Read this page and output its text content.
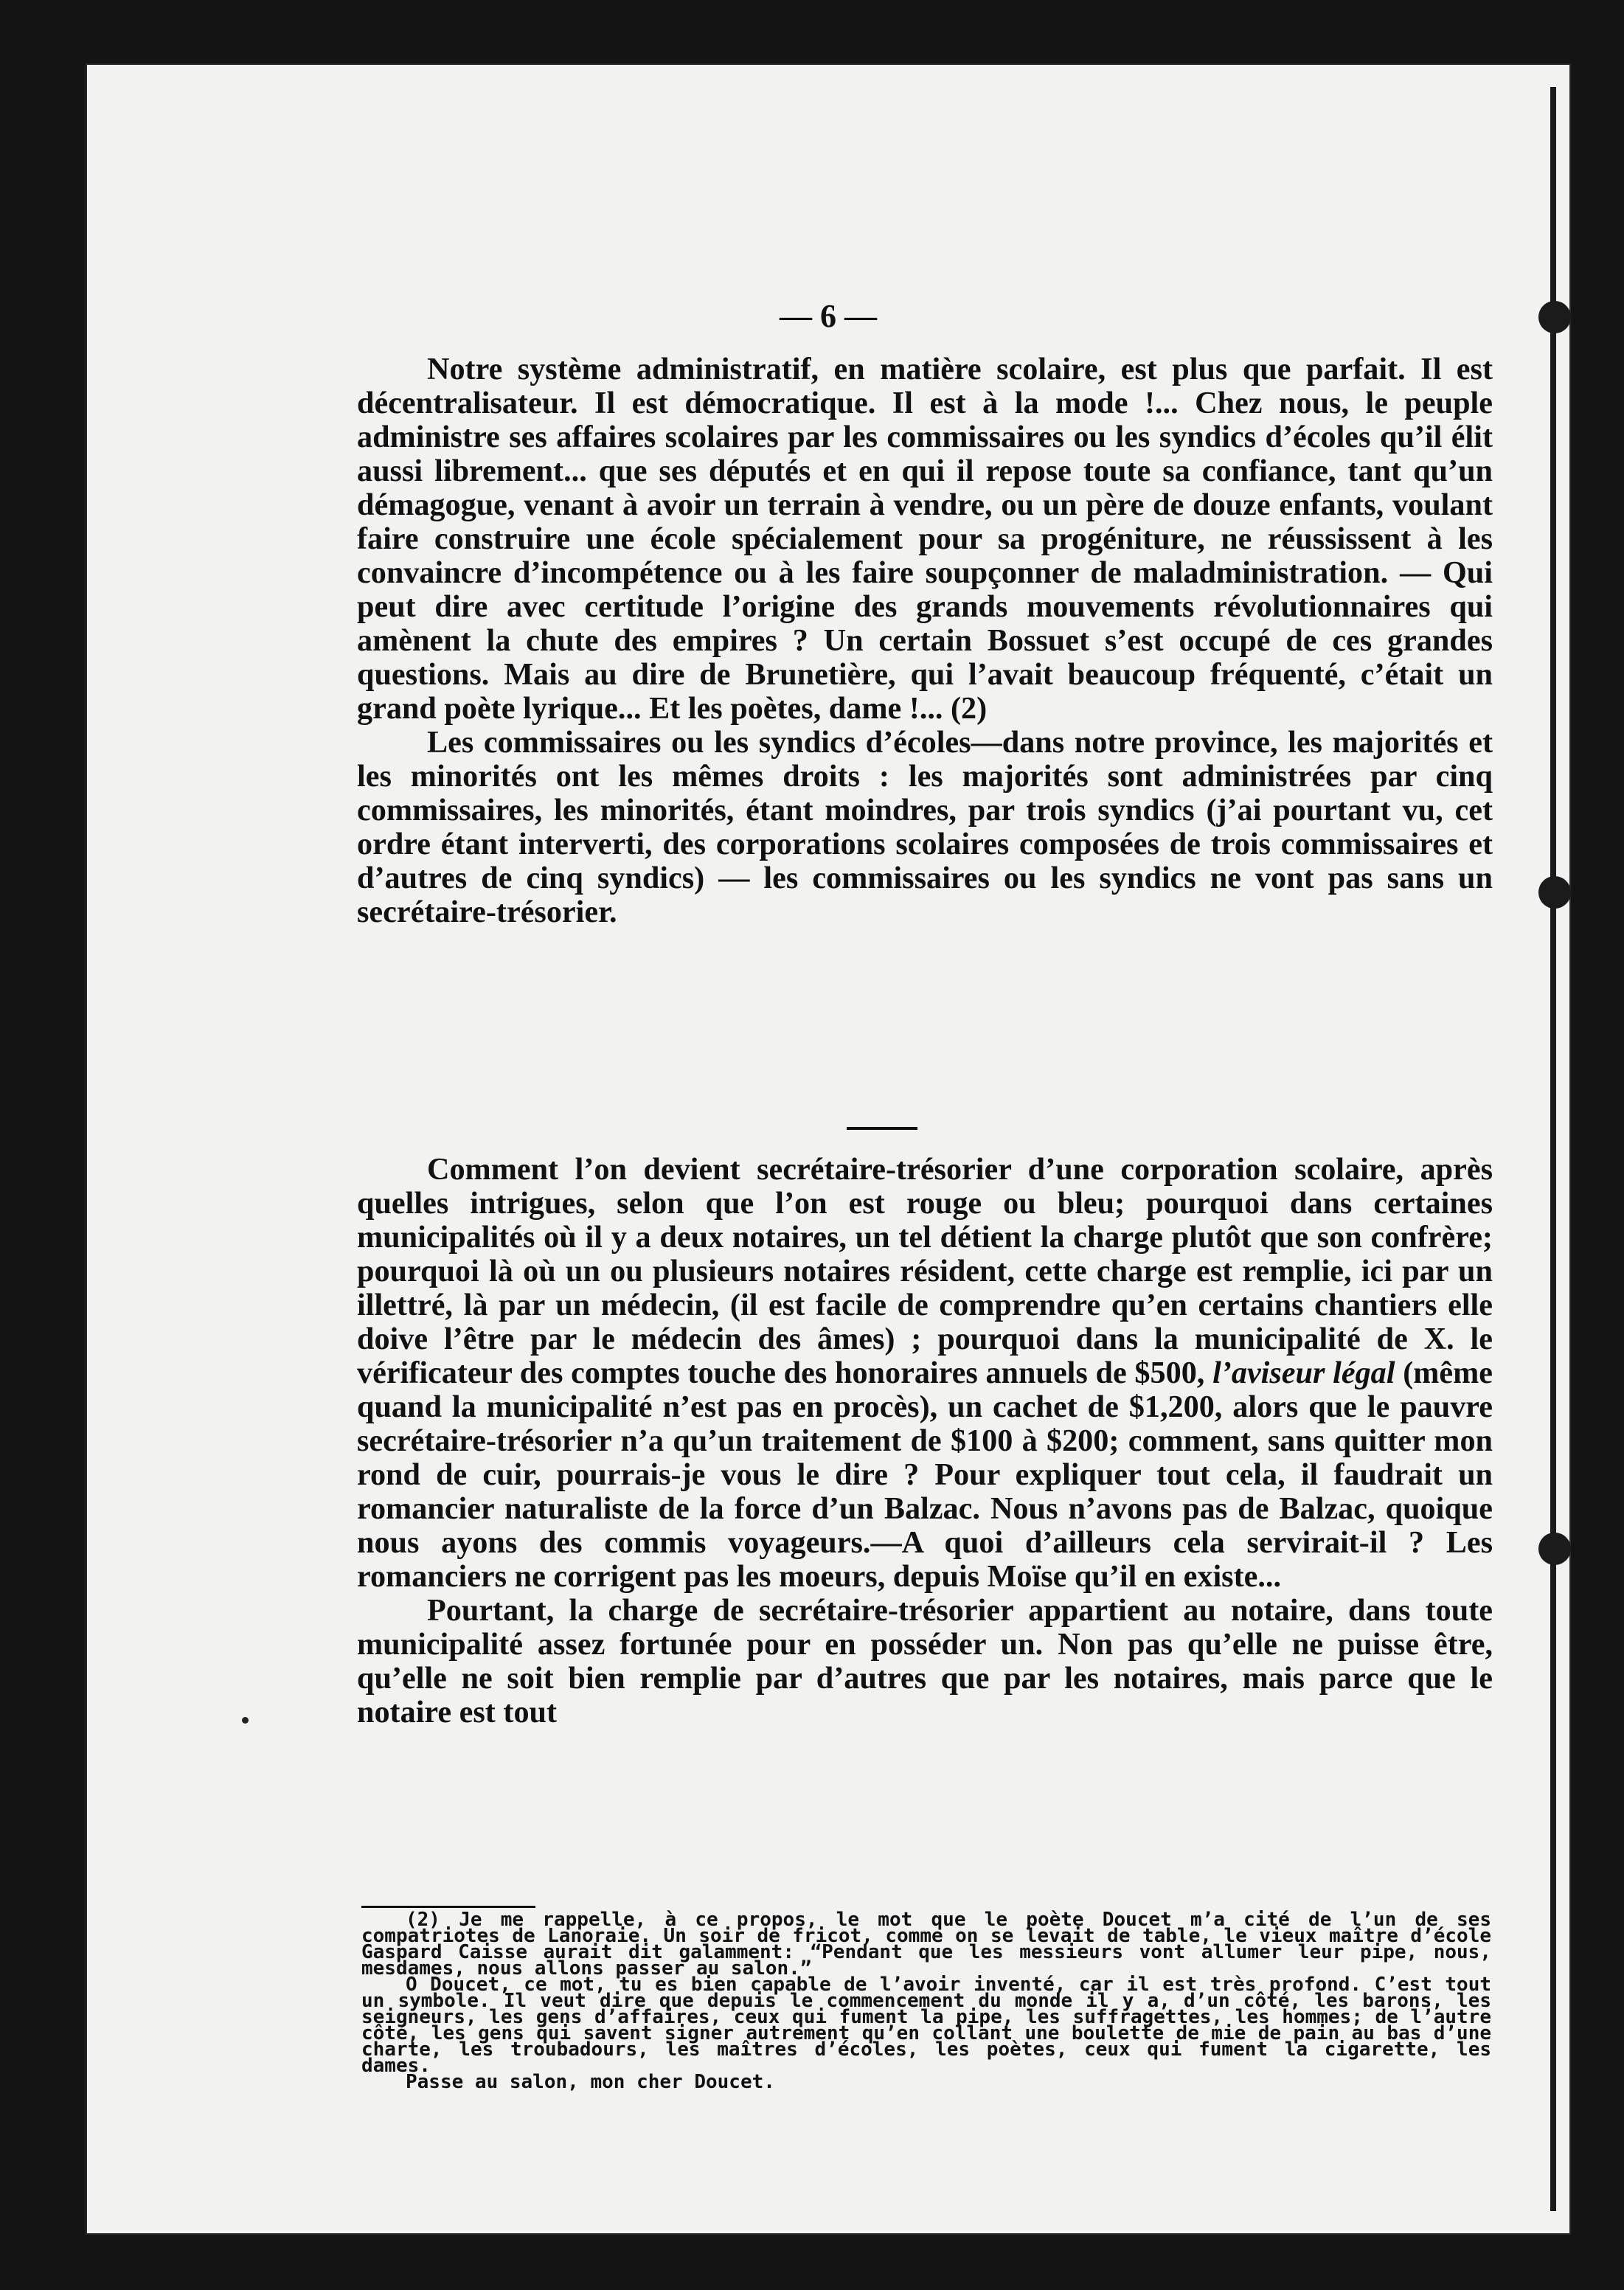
— 6 —

Notre système administratif, en matière scolaire, est plus que parfait. Il est décentralisateur. Il est démocratique. Il est à la mode !... Chez nous, le peuple administre ses affaires scolaires par les commissaires ou les syndics d’écoles qu’il élit aussi librement... que ses députés et en qui il repose toute sa confiance, tant qu’un démagogue, venant à avoir un terrain à vendre, ou un père de douze enfants, voulant faire construire une école spécialement pour sa progéniture, ne réussissent à les convaincre d’incompétence ou à les faire soupçonner de maladministration. — Qui peut dire avec certitude l’origine des grands mouvements révolutionnaires qui amènent la chute des empires ? Un certain Bossuet s’est occupé de ces grandes questions. Mais au dire de Brunetière, qui l’avait beaucoup fréquenté, c’était un grand poète lyrique... Et les poètes, dame !... (2)

Les commissaires ou les syndics d’écoles—dans notre province, les majorités et les minorités ont les mêmes droits : les majorités sont administrées par cinq commissaires, les minorités, étant moindres, par trois syndics (j’ai pourtant vu, cet ordre étant interverti, des corporations scolaires composées de trois commissaires et d’autres de cinq syndics) — les commissaires ou les syndics ne vont pas sans un secrétaire-trésorier.

Comment l’on devient secrétaire-trésorier d’une corporation scolaire, après quelles intrigues, selon que l’on est rouge ou bleu; pourquoi dans certaines municipalités où il y a deux notaires, un tel détient la charge plutôt que son confrère; pourquoi là où un ou plusieurs notaires résident, cette charge est remplie, ici par un illettré, là par un médecin, (il est facile de comprendre qu’en certains chantiers elle doive l’être par le médecin des âmes) ; pourquoi dans la municipalité de X. le vérificateur des comptes touche des honoraires annuels de $500, l’aviseur légal (même quand la municipalité n’est pas en procès), un cachet de $1,200, alors que le pauvre secrétaire-trésorier n’a qu’un traitement de $100 à $200; comment, sans quitter mon rond de cuir, pourrais-je vous le dire ? Pour expliquer tout cela, il faudrait un romancier naturaliste de la force d’un Balzac. Nous n’avons pas de Balzac, quoique nous ayons des commis voyageurs.—A quoi d’ailleurs cela servirait-il ? Les romanciers ne corrigent pas les moeurs, depuis Moïse qu’il en existe...

Pourtant, la charge de secrétaire-trésorier appartient au notaire, dans toute municipalité assez fortunée pour en posséder un. Non pas qu’elle ne puisse être, qu’elle ne soit bien remplie par d’autres que par les notaires, mais parce que le notaire est tout

(2) Je me rappelle, à ce propos, le mot que le poète Doucet m’a cité de l’un de ses compatriotes de Lanoraie. Un soir de fricot, comme on se levait de table, le vieux maître d’école Gaspard Caisse aurait dit galamment: “Pendant que les messieurs vont allumer leur pipe, nous, mesdames, nous allons passer au salon.”

O Doucet, ce mot, tu es bien capable de l’avoir inventé, car il est très profond. C’est tout un symbole. Il veut dire que depuis le commencement du monde il y a, d’un côté, les barons, les seigneurs, les gens d’affaires, ceux qui fument la pipe, les suffragettes, les hommes; de l’autre côté, les gens qui savent signer autrement qu’en collant une boulette de mie de pain au bas d’une charte, les troubadours, les maîtres d’écoles, les poètes, ceux qui fument la cigarette, les dames.

Passe au salon, mon cher Doucet.
